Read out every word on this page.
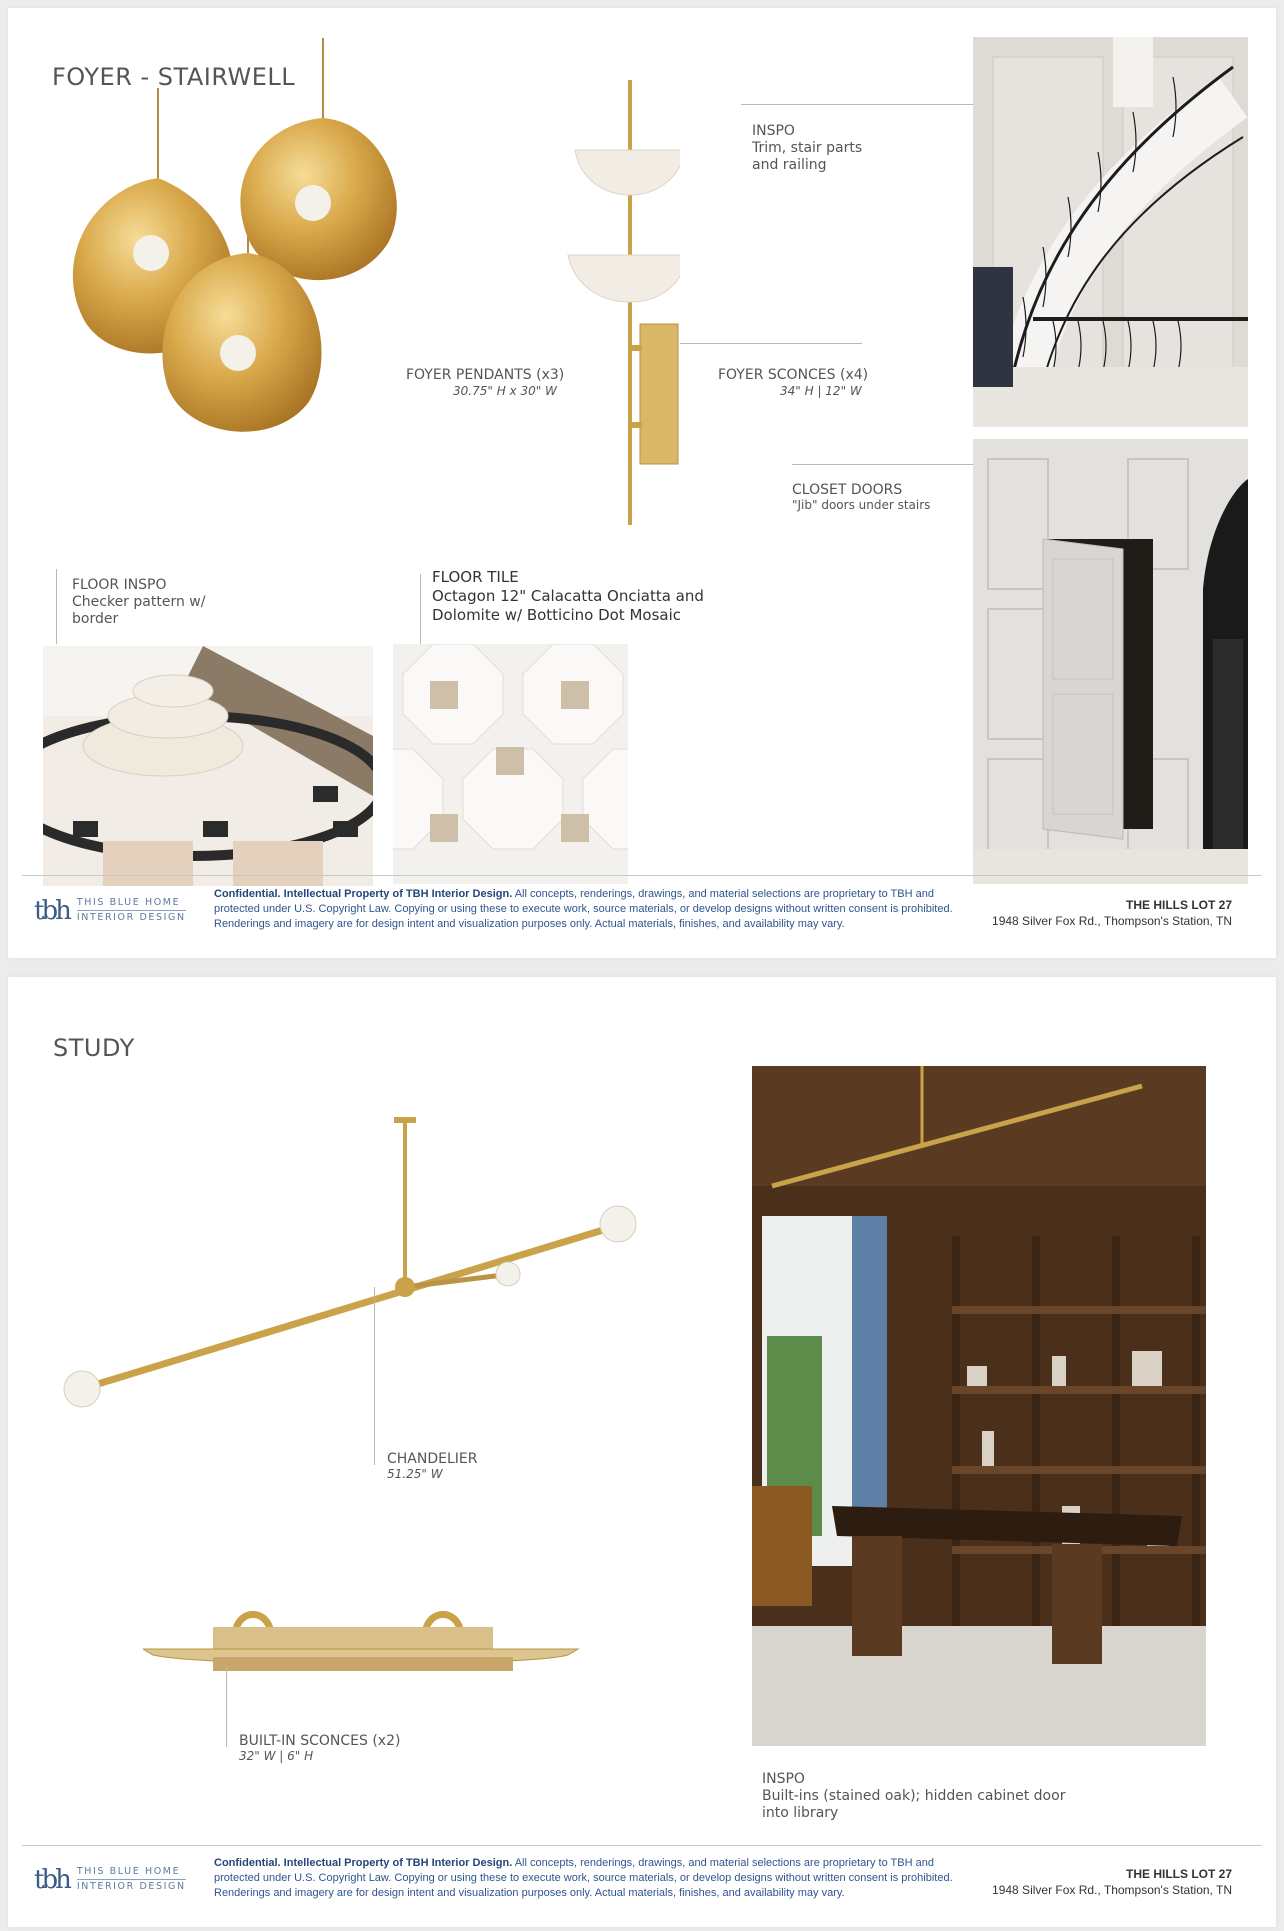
FOYER - STAIRWELL
FOYER PENDANTS (x3)
30.75" H x 30" W
FOYER SCONCES (x4)
34" H | 12" W
INSPO
Trim, stair parts
and railing
CLOSET DOORS
"Jib" doors under stairs
FLOOR INSPO
Checker pattern w/
border
FLOOR TILE
Octagon 12" Calacatta Onciatta and
Dolomite w/ Botticino Dot Mosaic
tbh THIS BLUE HOME
INTERIOR DESIGN
Confidential. Intellectual Property of TBH Interior Design. All concepts, renderings, drawings, and material selections are proprietary to TBH and protected under U.S. Copyright Law. Copying or using these to execute work, source materials, or develop designs without written consent is prohibited. Renderings and imagery are for design intent and visualization purposes only. Actual materials, finishes, and availability may vary.
THE HILLS LOT 27
1948 Silver Fox Rd., Thompson's Station, TN
STUDY
CHANDELIER
51.25" W
BUILT-IN SCONCES (x2)
32" W | 6" H
INSPO
Built-ins (stained oak); hidden cabinet door
into library
tbh THIS BLUE HOME
INTERIOR DESIGN
Confidential. Intellectual Property of TBH Interior Design. All concepts, renderings, drawings, and material selections are proprietary to TBH and protected under U.S. Copyright Law. Copying or using these to execute work, source materials, or develop designs without written consent is prohibited. Renderings and imagery are for design intent and visualization purposes only. Actual materials, finishes, and availability may vary.
THE HILLS LOT 27
1948 Silver Fox Rd., Thompson's Station, TN
